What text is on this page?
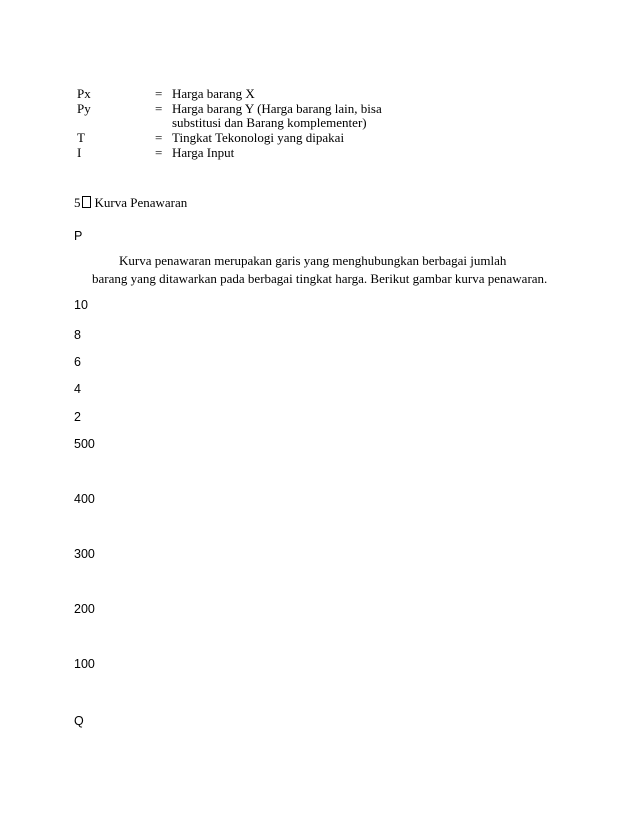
Px	= Harga barang X
Py	= Harga barang Y (Harga barang lain, bisa
substitusi dan Barang komplementer)
T	= Tingkat Tekonologi yang dipakai
I	= Harga Input
5 Kurva Penawaran
P
Kurva penawaran merupakan garis yang menghubungkan berbagai jumlah
barang yang ditawarkan pada berbagai tingkat harga. Berikut gambar kurva penawaran.
10
8
6
4
2
500
400
300
200
100
Q
